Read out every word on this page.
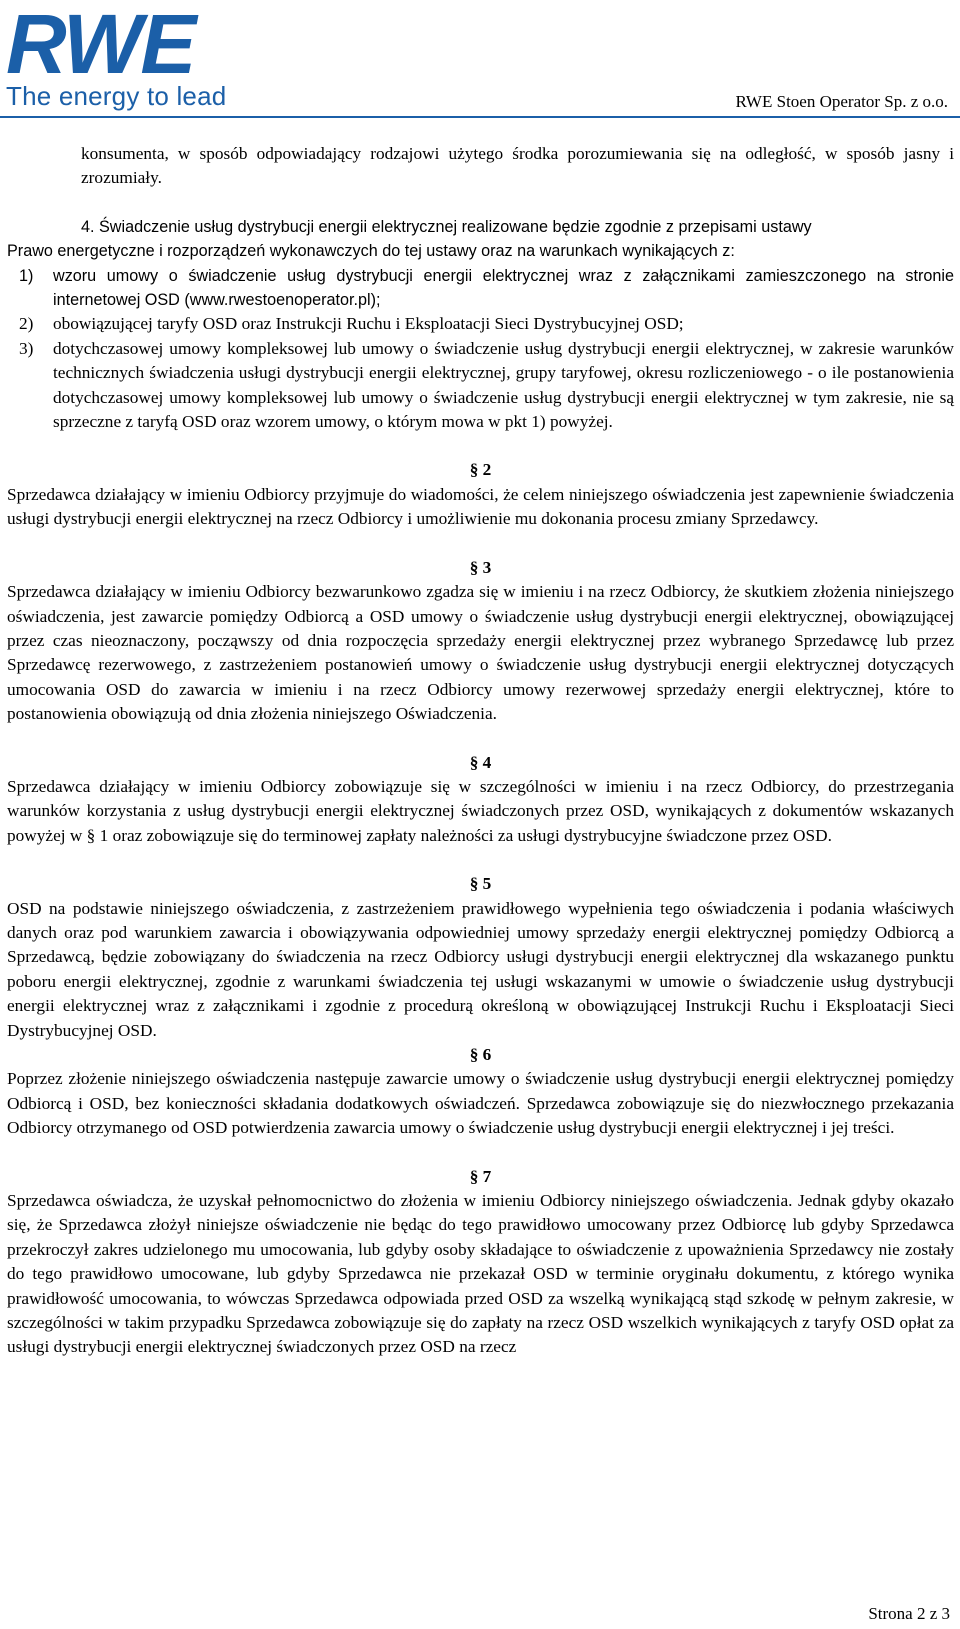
RWE
The energy to lead	RWE Stoen Operator Sp. z o.o.

konsumenta, w sposób odpowiadający rodzajowi użytego środka porozumiewania się na odległość, w sposób jasny i zrozumiały.

4. Świadczenie usług dystrybucji energii elektrycznej realizowane będzie zgodnie z przepisami ustawy

Prawo energetyczne i rozporządzeń wykonawczych do tej ustawy oraz na warunkach wynikających z:

1)	wzoru umowy o świadczenie usług dystrybucji energii elektrycznej wraz z załącznikami zamieszczonego na stronie internetowej OSD (www.rwestoenoperator.pl);
2)	obowiązującej taryfy OSD oraz Instrukcji Ruchu i Eksploatacji Sieci Dystrybucyjnej OSD;
3)	dotychczasowej umowy kompleksowej lub umowy o świadczenie usług dystrybucji energii elektrycznej, w zakresie warunków technicznych świadczenia usługi dystrybucji energii elektrycznej, grupy taryfowej, okresu rozliczeniowego - o ile postanowienia dotychczasowej umowy kompleksowej lub umowy o świadczenie usług dystrybucji energii elektrycznej w tym zakresie, nie są sprzeczne z taryfą OSD oraz wzorem umowy, o którym mowa w pkt 1) powyżej.
§ 2

Sprzedawca działający w imieniu Odbiorcy przyjmuje do wiadomości, że celem niniejszego oświadczenia jest zapewnienie świadczenia usługi dystrybucji energii elektrycznej na rzecz Odbiorcy i umożliwienie mu dokonania procesu zmiany Sprzedawcy.

§ 3

Sprzedawca działający w imieniu Odbiorcy bezwarunkowo zgadza się w imieniu i na rzecz Odbiorcy, że skutkiem złożenia niniejszego oświadczenia, jest zawarcie pomiędzy Odbiorcą a OSD umowy o świadczenie usług dystrybucji energii elektrycznej, obowiązującej przez czas nieoznaczony, począwszy od dnia rozpoczęcia sprzedaży energii elektrycznej przez wybranego Sprzedawcę lub przez Sprzedawcę rezerwowego, z zastrzeżeniem postanowień umowy o świadczenie usług dystrybucji energii elektrycznej dotyczących umocowania OSD do zawarcia w imieniu i na rzecz Odbiorcy umowy rezerwowej sprzedaży energii elektrycznej, które to postanowienia obowiązują od dnia złożenia niniejszego Oświadczenia.

§ 4

Sprzedawca działający w imieniu Odbiorcy zobowiązuje się w szczególności w imieniu i na rzecz Odbiorcy, do przestrzegania warunków korzystania z usług dystrybucji energii elektrycznej świadczonych przez OSD, wynikających z dokumentów wskazanych powyżej w § 1 oraz zobowiązuje się do terminowej zapłaty należności za usługi dystrybucyjne świadczone przez OSD.

§ 5

OSD na podstawie niniejszego oświadczenia, z zastrzeżeniem prawidłowego wypełnienia tego oświadczenia i podania właściwych danych oraz pod warunkiem zawarcia i obowiązywania odpowiedniej umowy sprzedaży energii elektrycznej pomiędzy Odbiorcą a Sprzedawcą, będzie zobowiązany do świadczenia na rzecz Odbiorcy usługi dystrybucji energii elektrycznej dla wskazanego punktu poboru energii elektrycznej, zgodnie z warunkami świadczenia tej usługi wskazanymi w umowie o świadczenie usług dystrybucji energii elektrycznej wraz z załącznikami i zgodnie z procedurą określoną w obowiązującej Instrukcji Ruchu i Eksploatacji Sieci Dystrybucyjnej OSD.

§ 6

Poprzez złożenie niniejszego oświadczenia następuje zawarcie umowy o świadczenie usług dystrybucji energii elektrycznej pomiędzy Odbiorcą i OSD, bez konieczności składania dodatkowych oświadczeń. Sprzedawca zobowiązuje się do niezwłocznego przekazania Odbiorcy otrzymanego od OSD potwierdzenia zawarcia umowy o świadczenie usług dystrybucji energii elektrycznej i jej treści.

§ 7

Sprzedawca oświadcza, że uzyskał pełnomocnictwo do złożenia w imieniu Odbiorcy niniejszego oświadczenia. Jednak gdyby okazało się, że Sprzedawca złożył niniejsze oświadczenie nie będąc do tego prawidłowo umocowany przez Odbiorcę lub gdyby Sprzedawca przekroczył zakres udzielonego mu umocowania, lub gdyby osoby składające to oświadczenie z upoważnienia Sprzedawcy nie zostały do tego prawidłowo umocowane, lub gdyby Sprzedawca nie przekazał OSD w terminie oryginału dokumentu, z którego wynika prawidłowość umocowania, to wówczas Sprzedawca odpowiada przed OSD za wszelką wynikającą stąd szkodę w pełnym zakresie, w szczególności w takim przypadku Sprzedawca zobowiązuje się do zapłaty na rzecz OSD wszelkich wynikających z taryfy OSD opłat za usługi dystrybucji energii elektrycznej świadczonych przez OSD na rzecz

Strona 2 z 3
